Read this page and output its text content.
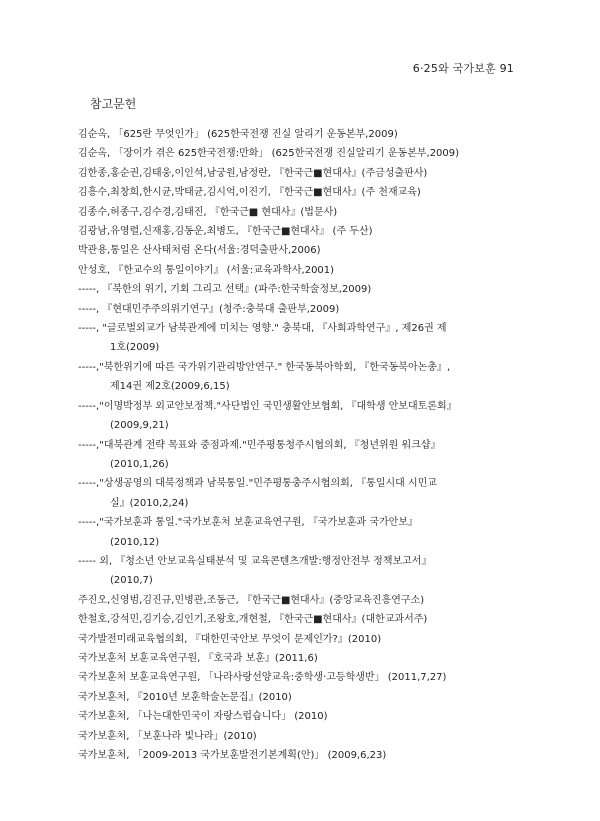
6·25와 국가보훈 91
참고문헌
김순옥, 「625란 무엇인가」 (625한국전쟁 진실 알리기 운동본부,2009)
김순옥, 「장이가 겪은 625한국전쟁:만화」 (625한국전쟁 진실알리기 운동본부,2009)
김한종,홍순권,김태웅,이인석,남궁원,남정란, 『한국근■현대사』(주금성출판사)
김흥수,최창희,한시균,박태균,김시억,이진기, 『한국근■현대사』(주 천재교육)
김종수,허종구,김수경,김태진, 『한국근■ 현대사』(법문사)
김광남,유영렬,신재홍,김동운,최병도, 『한국근■현대사』 (주 두산)
박관용,통일은 산사태처럼 온다(서울:경덕출판사,2006)
안성호, 『한교수의 통일이야기』 (서울:교육과학사,2001)
-----, 『북한의 위기, 기회 그리고 선택』(파주:한국학술정보,2009)
-----, 『현대민주주의위기연구』(청주:충북대 출판부,2009)
-----, "글로벌외교가 남북관계에 미치는 영향." 충북대, 『사회과학연구』, 제26권 제
1호(2009)
-----,"북한위기에 따른 국가위기관리방안연구." 한국동북아학회, 『한국동북아논총』,
제14권 제2호(2009,6,15)
-----,"이명박정부 외교안보정책."사단법인 국민생활안보협회, 『대학생 안보대토론회』
(2009,9,21)
-----,"대북관계 전략 목표와 중점과제."민주평통청주시협의회, 『청년위원 워크샵』
(2010,1,26)
-----,"상생공영의 대북정책과 남북통일."민주평통충주시협의회, 『통일시대 시민교
실』(2010,2,24)
-----,"국가보훈과 통일."국가보훈처 보훈교육연구원, 『국가보훈과 국가안보』
(2010,12)
----- 외, 『청소년 안보교육실태분석 및 교육콘텐츠개발:행정안전부 정책보고서』
(2010,7)
주진오,신영범,김진규,민병관,조동근, 『한국근■현대사』(중앙교육진흥연구소)
한철호,강석민,김기승,김인기,조왕호,개현철, 『한국근■현대사』(대한교과서주)
국가발전미래교육협의회, 『대한민국안보 무엇이 문제인가?』(2010)
국가보훈처 보훈교육연구원, 『호국과 보훈』(2011,6)
국가보훈처 보훈교육연구원, 「나라사랑선양교육:중학생·고등학생반」 (2011,7,27)
국가보훈처, 『2010년 보훈학술논문집』(2010)
국가보훈처, 「나는대한민국이 자랑스럽습니다」 (2010)
국가보훈처, 「보훈나라 빛나라」(2010)
국가보훈처, 「2009-2013 국가보훈발전기본계획(안)」 (2009,6,23)
